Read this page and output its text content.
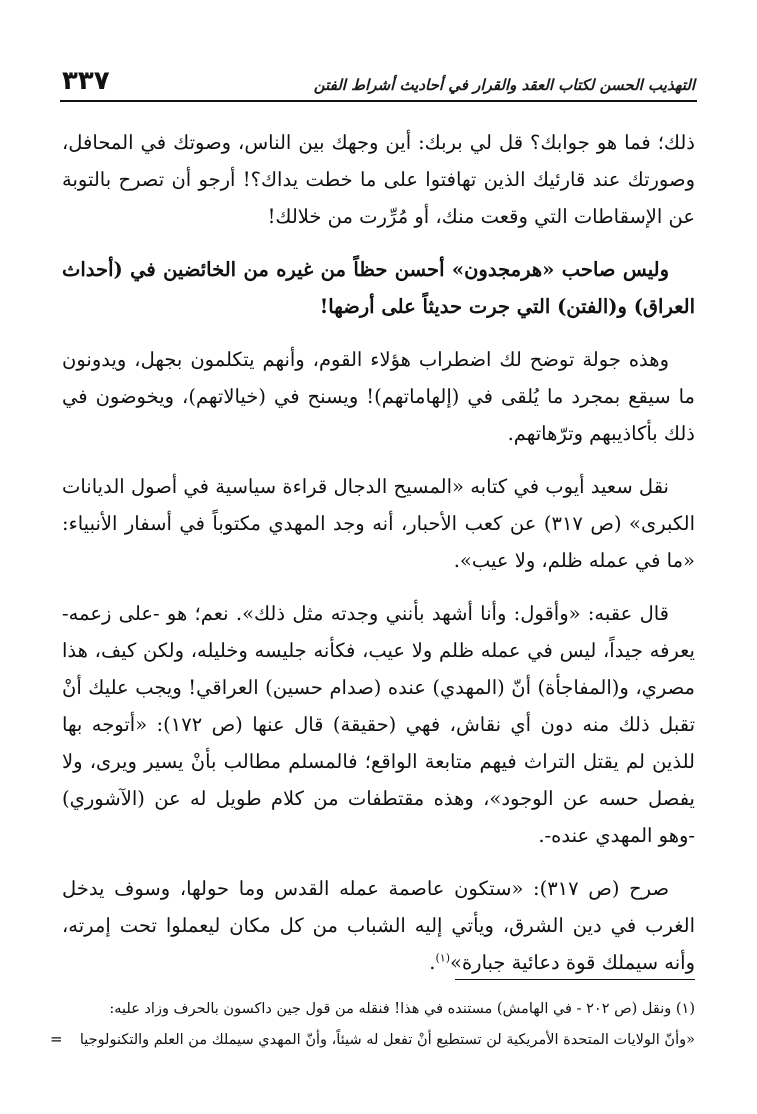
٣٣٧	التهذيب الحسن لكتاب العقد والقرار في أحاديث أشراط الفتن

ذلك؛ فما هو جوابك؟ قل لي بربك: أين وجهك بين الناس، وصوتك في المحافل، وصورتك عند قارئيك الذين تهافتوا على ما خطت يداك؟! أرجو أن تصرح بالتوبة عن الإسقاطات التي وقعت منك، أو مُرِّرت من خلالك!

وليس صاحب «هرمجدون» أحسن حظاً من غيره من الخائضين في (أحداث العراق) و(الفتن) التي جرت حديثاً على أرضها!

وهذه جولة توضح لك اضطراب هؤلاء القوم، وأنهم يتكلمون بجهل، ويدونون ما سيقع بمجرد ما يُلقى في (إلهاماتهم)! ويسنح في (خيالاتهم)، ويخوضون في ذلك بأكاذيبهم وترّهاتهم.

نقل سعيد أيوب في كتابه «المسيح الدجال قراءة سياسية في أصول الديانات الكبرى» (ص ٣١٧) عن كعب الأحبار، أنه وجد المهدي مكتوباً في أسفار الأنبياء: «ما في عمله ظلم، ولا عيب».

قال عقبه: «وأقول: وأنا أشهد بأنني وجدته مثل ذلك». نعم؛ هو -على زعمه- يعرفه جيداً، ليس في عمله ظلم ولا عيب، فكأنه جليسه وخليله، ولكن كيف، هذا مصري، و(المفاجأة) أنّ (المهدي) عنده (صدام حسين) العراقي! ويجب عليك أنْ تقبل ذلك منه دون أي نقاش، فهي (حقيقة) قال عنها (ص ١٧٢): «أتوجه بها للذين لم يقتل التراث فيهم متابعة الواقع؛ فالمسلم مطالب بأنْ يسير ويرى، ولا يفصل حسه عن الوجود»، وهذه مقتطفات من كلام طويل له عن (الآشوري) -وهو المهدي عنده-.

صرح (ص ٣١٧): «ستكون عاصمة عمله القدس وما حولها، وسوف يدخل الغرب في دين الشرق، ويأتي إليه الشباب من كل مكان ليعملوا تحت إمرته، وأنه سيملك قوة دعائية جبارة»$^{(١)}$.

(١) ونقل (ص ٢٠٢ - في الهامش) مستنده في هذا! فنقله من قول جين داكسون بالحرف وزاد عليه:

«وأنّ الولايات المتحدة الأمريكية لن تستطيع أنْ تفعل له شيئاً، وأنّ المهدي سيملك من العلم والتكنولوجيا
=
